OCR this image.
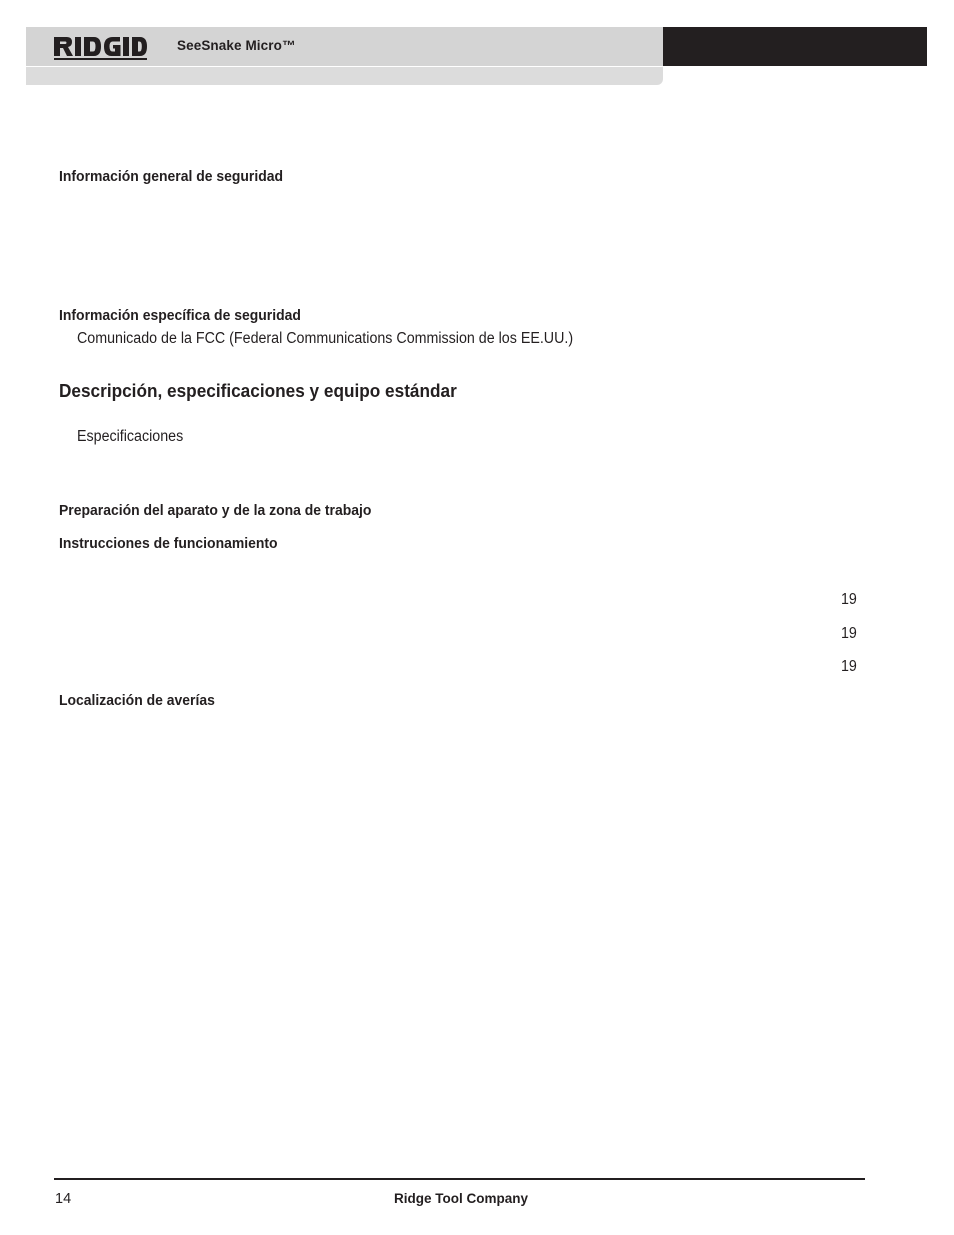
SeeSnake Micro™
Información general de seguridad
Información específica de seguridad
Comunicado de la FCC (Federal Communications Commission de los EE.UU.)
Descripción, especificaciones y equipo estándar
Especificaciones
Preparación del aparato y de la zona de trabajo
Instrucciones de funcionamiento
19
19
19
Localización de averías
14	Ridge Tool Company
